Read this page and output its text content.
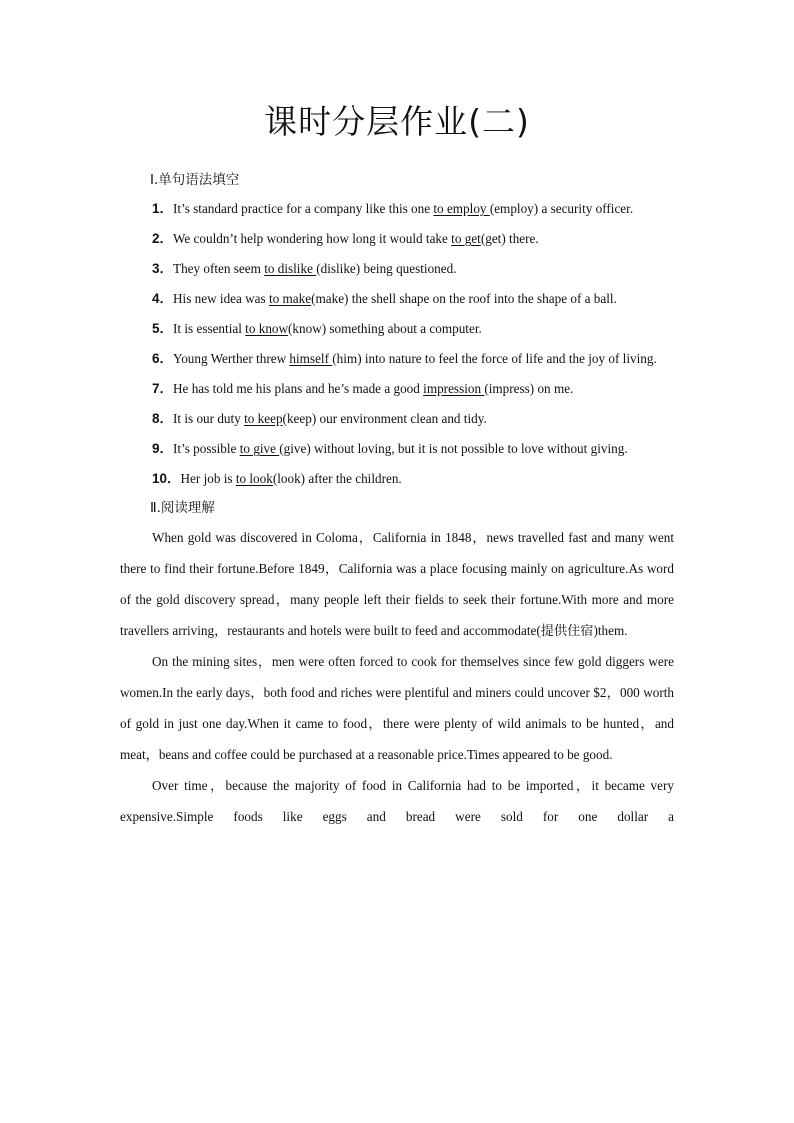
课时分层作业(二)

Ⅰ.单句语法填空

1．It’s standard practice for a company like this one to employ (employ) a security officer.

2．We couldn’t help wondering how long it would take to get(get) there.

3．They often seem to dislike (dislike) being questioned.

4．His new idea was to make(make) the shell shape on the roof into the shape of a ball.

5．It is essential to know(know) something about a computer.

6．Young Werther threw himself (him) into nature to feel the force of life and the joy of living.

7．He has told me his plans and he’s made a good impression (impress) on me.

8．It is our duty to keep(keep) our environment clean and tidy.

9．It’s possible to give (give) without loving, but it is not possible to love without giving.

10．Her job is to look(look) after the children.

Ⅱ.阅读理解

When gold was discovered in Coloma，California in 1848，news travelled fast and many went there to find their fortune.Before 1849，California was a place focusing mainly on agriculture.As word of the gold discovery spread，many people left their fields to seek their fortune.With more and more travellers arriving，restaurants and hotels were built to feed and accommodate(提供住宿)them.

On the mining sites，men were often forced to cook for themselves since few gold diggers were women.In the early days，both food and riches were plentiful and miners could uncover $2，000 worth of gold in just one day.When it came to food，there were plenty of wild animals to be hunted，and meat，beans and coffee could be purchased at a reasonable price.Times appeared to be good.

Over time，because the majority of food in California had to be imported，it became very expensive.Simple foods like eggs and bread were sold for one dollar a
